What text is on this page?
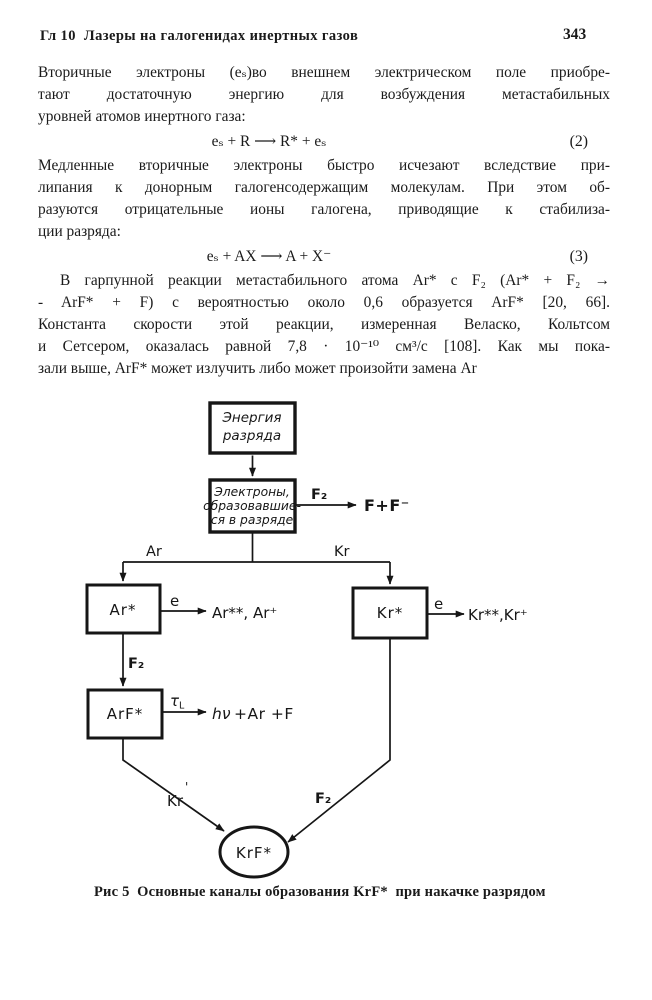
Гл 10  Лазеры на галогенидах инертных газов	343
Вторичные электроны (eₛ)во внешнем электрическом поле приобре-
тают достаточную энергию для возбуждения метастабильных
уровней атомов инертного газа:
eₛ + R ⟶ R* + eₛ	(2)
Медленные вторичные электроны быстро исчезают вследствие при-
липания к донорным галогенсодержащим молекулам. При этом об-
разуются отрицательные ионы галогена, приводящие к стабилиза-
ции разряда:
eₛ + AX ⟶ A + X⁻	(3)
В гарпунной реакции метастабильного атома Ar* с F₂ (Ar* + F₂ →
- ArF* + F) с вероятностью около 0,6 образуется ArF* [20, 66].
Константа скорости этой реакции, измеренная Веласко, Кольтсом
и Сетсером, оказалась равной 7,8 · 10⁻¹⁰ см³/с [108]. Как мы пока-
зали выше, ArF* может излучить либо может произойти замена Ar
Энергия
разряда
Электроны,
образовавшие-
ся в разряде
Ar*	Kr*
ArF*
KrF*
F₂
F+F⁻
Ar	Kr
e	e
Ar**, Ar⁺	Kr**,Kr⁺
F₂
τL hν +Ar +F
Kr
'
F₂
Рис 5  Основные каналы образования KrF*  при накачке разрядом
